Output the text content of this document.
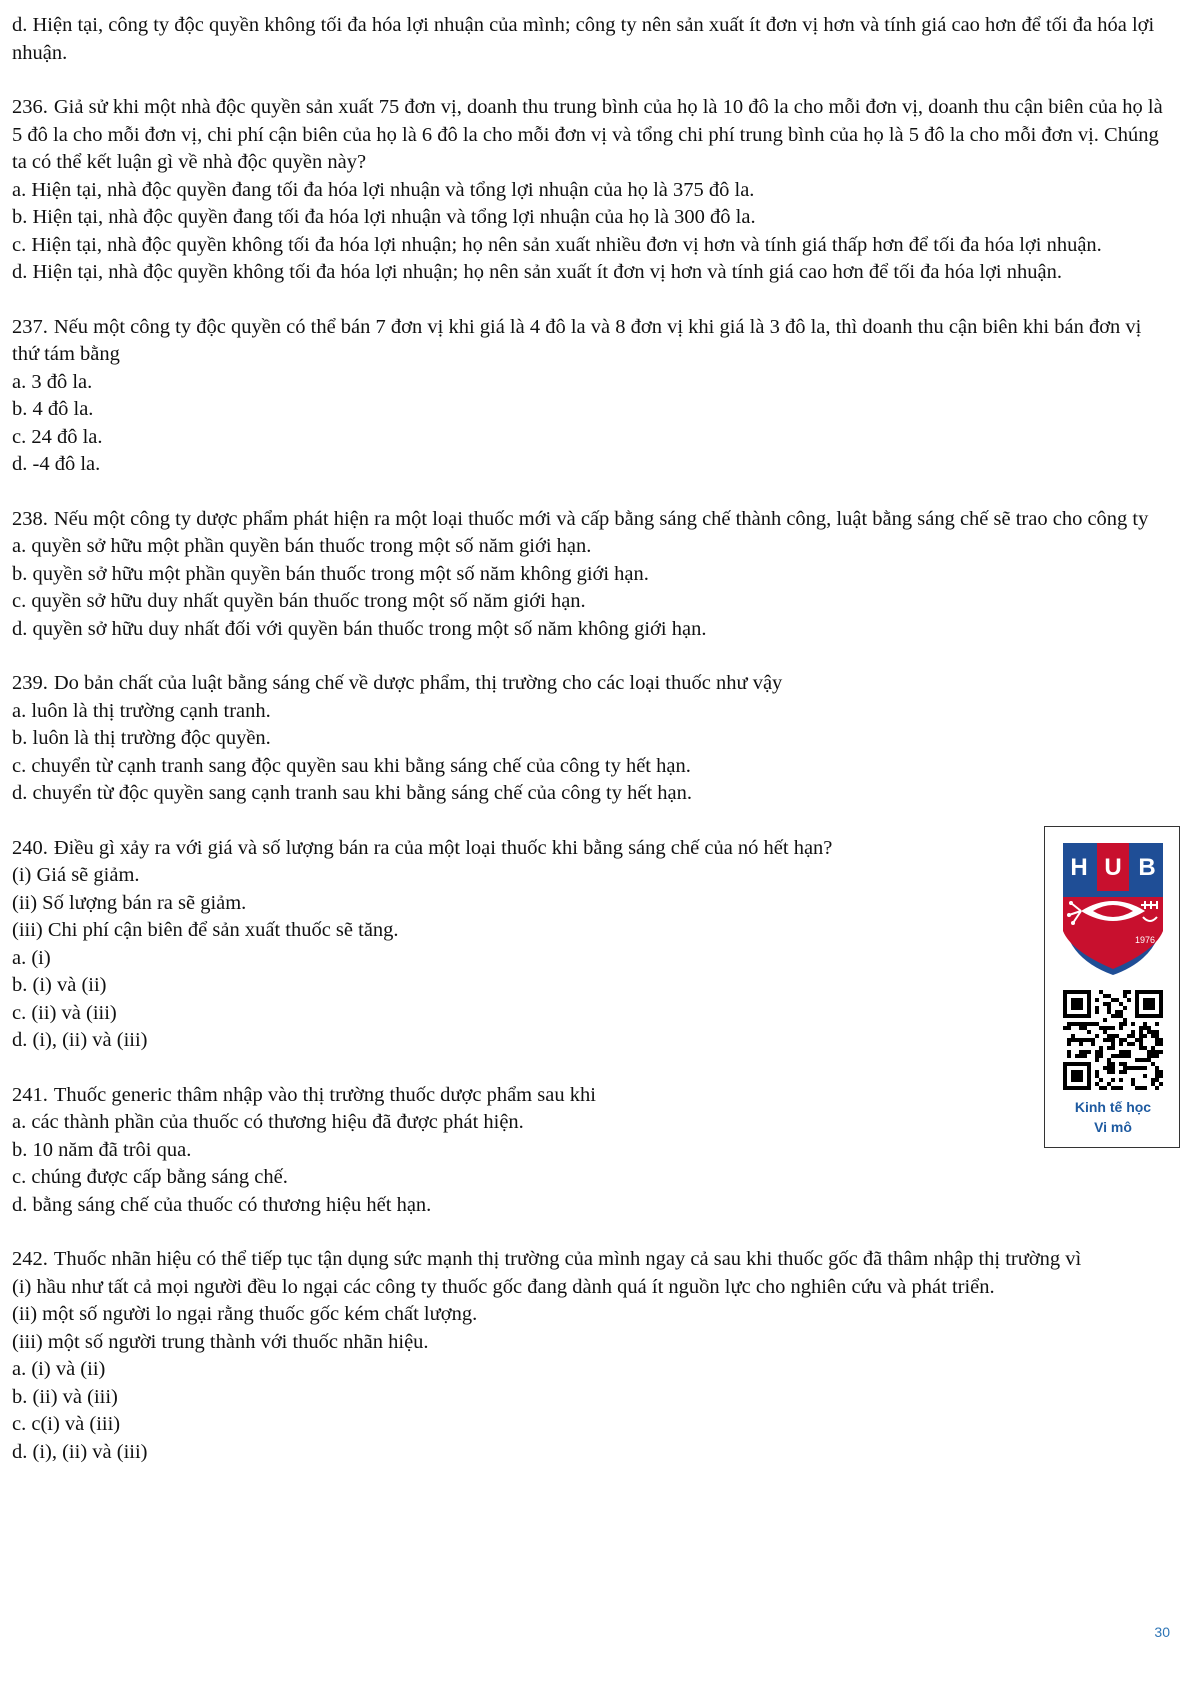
d. Hiện tại, công ty độc quyền không tối đa hóa lợi nhuận của mình; công ty nên sản xuất ít đơn vị hơn và tính giá cao hơn để tối đa hóa lợi nhuận.

236. Giả sử khi một nhà độc quyền sản xuất 75 đơn vị, doanh thu trung bình của họ là 10 đô la cho mỗi đơn vị, doanh thu cận biên của họ là 5 đô la cho mỗi đơn vị, chi phí cận biên của họ là 6 đô la cho mỗi đơn vị và tổng chi phí trung bình của họ là 5 đô la cho mỗi đơn vị. Chúng ta có thể kết luận gì về nhà độc quyền này?

a. Hiện tại, nhà độc quyền đang tối đa hóa lợi nhuận và tổng lợi nhuận của họ là 375 đô la.

b. Hiện tại, nhà độc quyền đang tối đa hóa lợi nhuận và tổng lợi nhuận của họ là 300 đô la.

c. Hiện tại, nhà độc quyền không tối đa hóa lợi nhuận; họ nên sản xuất nhiều đơn vị hơn và tính giá thấp hơn để tối đa hóa lợi nhuận.

d. Hiện tại, nhà độc quyền không tối đa hóa lợi nhuận; họ nên sản xuất ít đơn vị hơn và tính giá cao hơn để tối đa hóa lợi nhuận.

237. Nếu một công ty độc quyền có thể bán 7 đơn vị khi giá là 4 đô la và 8 đơn vị khi giá là 3 đô la, thì doanh thu cận biên khi bán đơn vị thứ tám bằng

a. 3 đô la.

b. 4 đô la.

c. 24 đô la.

d. -4 đô la.

238. Nếu một công ty dược phẩm phát hiện ra một loại thuốc mới và cấp bằng sáng chế thành công, luật bằng sáng chế sẽ trao cho công ty

a. quyền sở hữu một phần quyền bán thuốc trong một số năm giới hạn.

b. quyền sở hữu một phần quyền bán thuốc trong một số năm không giới hạn.

c. quyền sở hữu duy nhất quyền bán thuốc trong một số năm giới hạn.

d. quyền sở hữu duy nhất đối với quyền bán thuốc trong một số năm không giới hạn.

239. Do bản chất của luật bằng sáng chế về dược phẩm, thị trường cho các loại thuốc như vậy

a. luôn là thị trường cạnh tranh.

b. luôn là thị trường độc quyền.

c. chuyển từ cạnh tranh sang độc quyền sau khi bằng sáng chế của công ty hết hạn.

d. chuyển từ độc quyền sang cạnh tranh sau khi bằng sáng chế của công ty hết hạn.

240. Điều gì xảy ra với giá và số lượng bán ra của một loại thuốc khi bằng sáng chế của nó hết hạn?

(i) Giá sẽ giảm.

(ii) Số lượng bán ra sẽ giảm.

(iii) Chi phí cận biên để sản xuất thuốc sẽ tăng.

a. (i)

b. (i) và (ii)

c. (ii) và (iii)

d. (i), (ii) và (iii)

241. Thuốc generic thâm nhập vào thị trường thuốc dược phẩm sau khi

a. các thành phần của thuốc có thương hiệu đã được phát hiện.

b. 10 năm đã trôi qua.

c. chúng được cấp bằng sáng chế.

d. bằng sáng chế của thuốc có thương hiệu hết hạn.

242. Thuốc nhãn hiệu có thể tiếp tục tận dụng sức mạnh thị trường của mình ngay cả sau khi thuốc gốc đã thâm nhập thị trường vì

(i) hầu như tất cả mọi người đều lo ngại các công ty thuốc gốc đang dành quá ít nguồn lực cho nghiên cứu và phát triển.

(ii) một số người lo ngại rằng thuốc gốc kém chất lượng.

(iii) một số người trung thành với thuốc nhãn hiệu.

a. (i) và (ii)

b. (ii) và (iii)

c. c(i) và (iii)

d. (i), (ii) và (iii)

H U B
1976
Kinh tế học
Vi mô
30
